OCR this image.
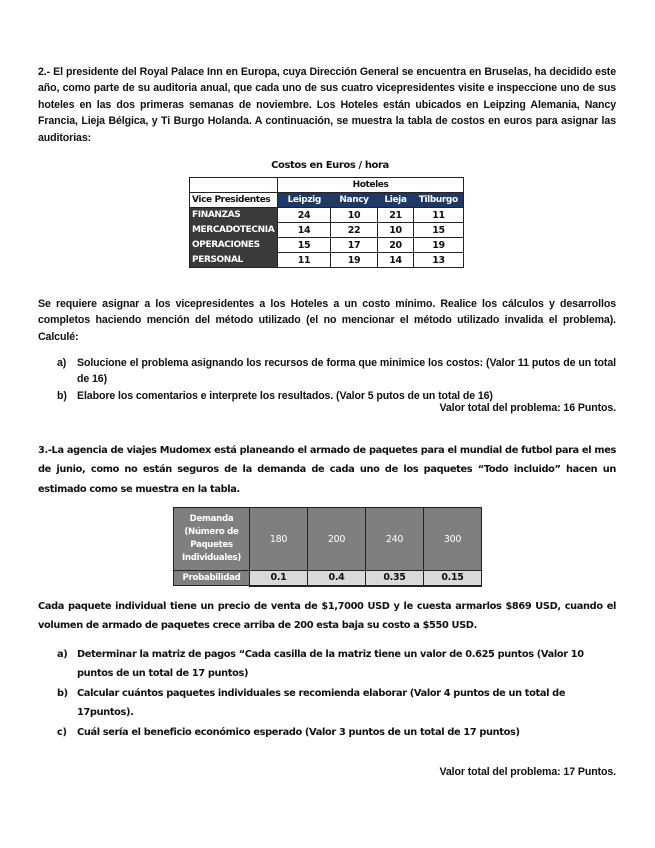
2.- El presidente del Royal Palace Inn en Europa, cuya Dirección General se encuentra en Bruselas, ha decidido este año, como parte de su auditoria anual, que cada uno de sus cuatro vicepresidentes visite e inspeccione uno de sus hoteles en las dos primeras semanas de noviembre. Los Hoteles están ubicados en Leipzing Alemania, Nancy Francia, Lieja Bélgica, y Ti Burgo Holanda. A continuación, se muestra la tabla de costos en euros para asignar las auditorias:

Costos en Euros / hora
	Hoteles			
Vice Presidentes	Leipzig	Nancy	Lieja	Tilburgo
FINANZAS	24	10	21	11
MERCADOTECNIA	14	22	10	15
OPERACIONES	15	17	20	19
PERSONAL	11	19	14	13

Se requiere asignar a los vicepresidentes a los Hoteles a un costo mínimo. Realice los cálculos y desarrollos completos haciendo mención del método utilizado (el no mencionar el método utilizado invalida el problema). Calculé:

a) Solucione el problema asignando los recursos de forma que minimice los costos: (Valor 11 putos de un total de 16)
b) Elabore los comentarios e interprete los resultados. (Valor 5 putos de un total de 16)
Valor total del problema: 16 Puntos.

3.-La agencia de viajes Mudomex está planeando el armado de paquetes para el mundial de futbol para el mes de junio, como no están seguros de la demanda de cada uno de los paquetes “Todo incluido” hacen un estimado como se muestra en la tabla.

Demanda (Número de Paquetes Individuales)	180	200	240	300
Probabilidad	0.1	0.4	0.35	0.15

Cada paquete individual tiene un precio de venta de $1,7000 USD y le cuesta armarlos $869 USD, cuando el volumen de armado de paquetes crece arriba de 200 esta baja su costo a $550 USD.

a) Determinar la matriz de pagos “Cada casilla de la matriz tiene un valor de 0.625 puntos (Valor 10 puntos de un total de 17 puntos)
b) Calcular cuántos paquetes individuales se recomienda elaborar (Valor 4 puntos de un total de 17puntos).
c) Cuál sería el beneficio económico esperado (Valor 3 puntos de un total de 17 puntos)
Valor total del problema: 17 Puntos.
